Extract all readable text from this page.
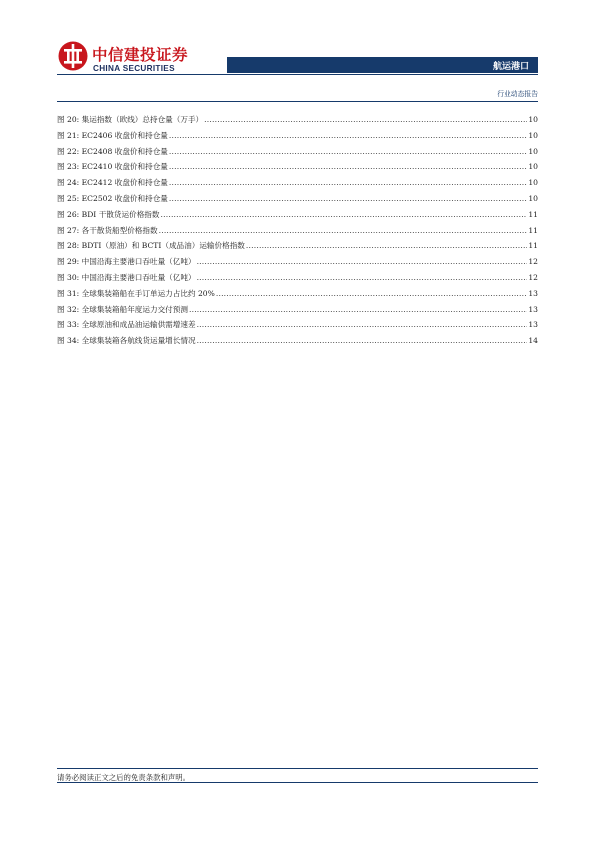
中信建投证券
CHINA SECURITIES	航运港口
行业动态报告
图 20: 集运指数（欧线）总持仓量（万手） .....	10
图 21: EC2406 收盘价和持仓量 .....	10
图 22: EC2408 收盘价和持仓量 .....	10
图 23: EC2410 收盘价和持仓量 .....	10
图 24: EC2412 收盘价和持仓量 .....	10
图 25: EC2502 收盘价和持仓量 .....	10
图 26: BDI 干散货运价格指数 .....	11
图 27: 各干散货船型价格指数 .....	11
图 28: BDTI（原油）和 BCTI（成品油）运输价格指数 .....	11
图 29: 中国沿海主要港口吞吐量（亿吨） .....	12
图 30: 中国沿海主要港口吞吐量（亿吨） .....	12
图 31: 全球集装箱船在手订单运力占比约 20% .....	13
图 32: 全球集装箱船年度运力交付预测 .....	13
图 33: 全球原油和成品油运输供需增速差 .....	13
图 34: 全球集装箱各航线货运量增长情况 .....	14
请务必阅读正文之后的免责条款和声明。
